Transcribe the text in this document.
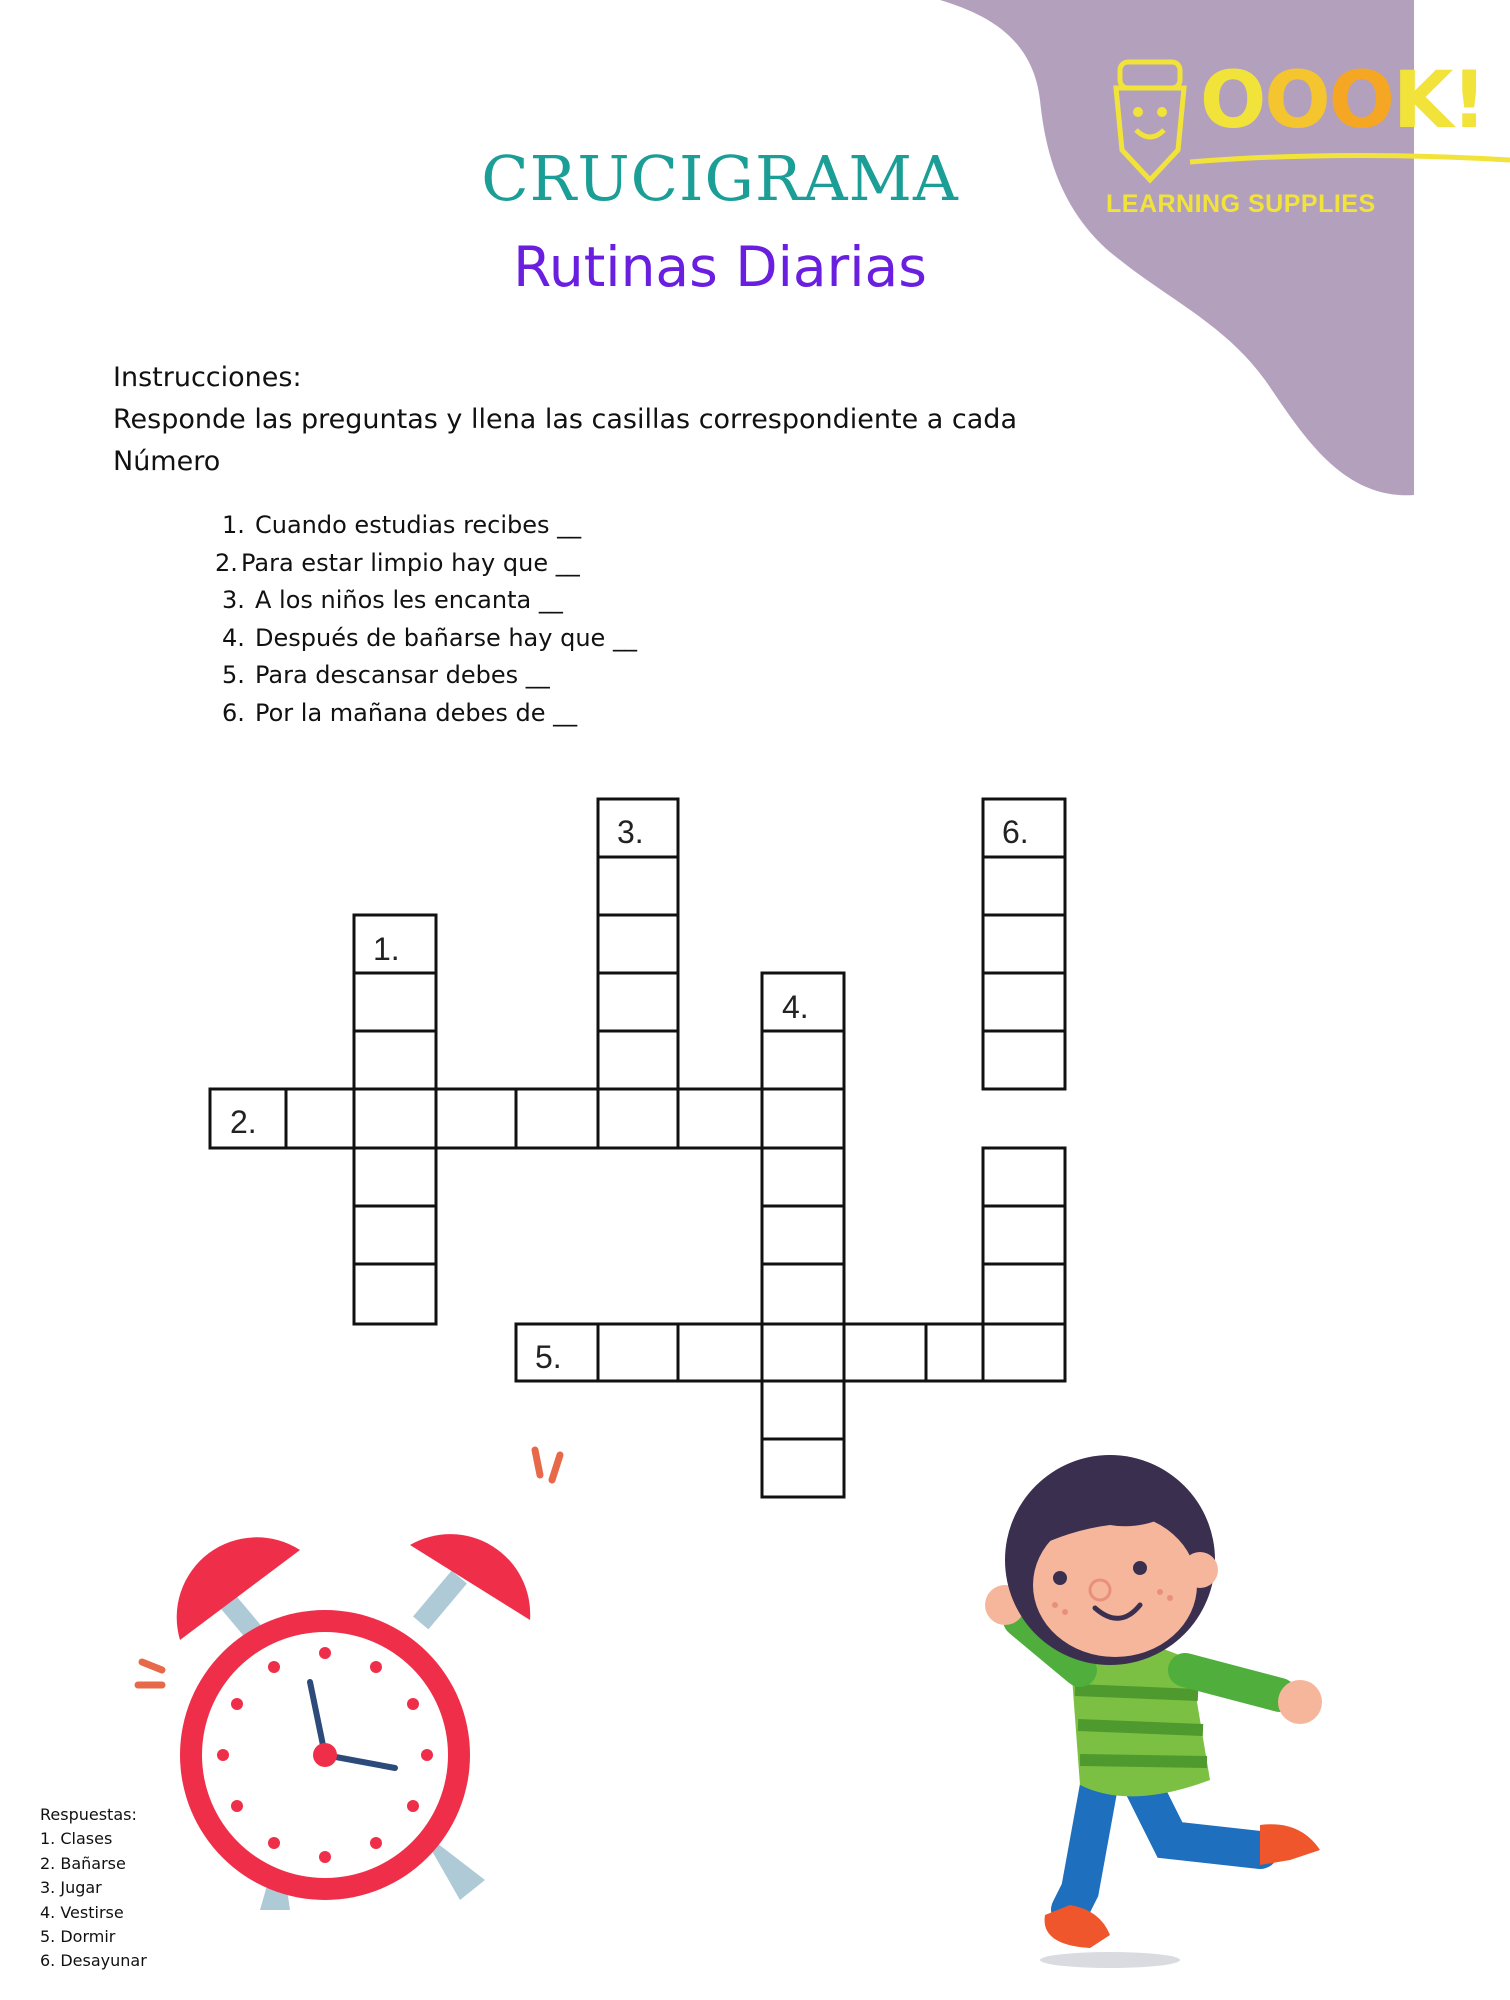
OOOK!
LEARNING SUPPLIES
CRUCIGRAMA
Rutinas Diarias
Instrucciones:
Responde las preguntas y llena las casillas correspondiente a cada
Número
1. Cuando estudias recibes __
2. Para estar limpio hay que __
3. A los niños les encanta __
4. Después de bañarse hay que __
5. Para descansar debes __
6. Por la mañana debes de __
1.
2.
3.
4.
5.
6.
Respuestas:
1. Clases
2. Bañarse
3. Jugar
4. Vestirse
5. Dormir
6. Desayunar
